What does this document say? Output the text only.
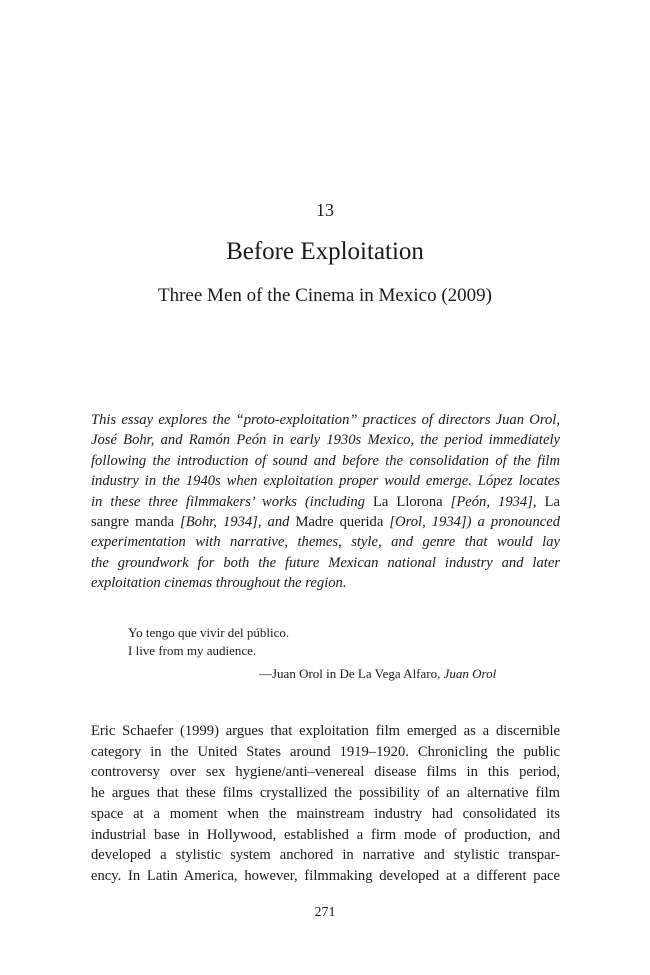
13
Before Exploitation
Three Men of the Cinema in Mexico (2009)
This essay explores the “proto-exploitation” practices of directors Juan Orol,
José Bohr, and Ramón Peón in early 1930s Mexico, the period immediately
following the introduction of sound and before the consolidation of the film
industry in the 1940s when exploitation proper would emerge. López locates
in these three filmmakers’ works (including La Llorona [Peón, 1934], La
sangre manda [Bohr, 1934], and Madre querida [Orol, 1934]) a pronounced
experimentation with narrative, themes, style, and genre that would lay
the groundwork for both the future Mexican national industry and later
exploitation cinemas throughout the region.
Yo tengo que vivir del público.
I live from my audience.
—Juan Orol in De La Vega Alfaro, Juan Orol
Eric Schaefer (1999) argues that exploitation film emerged as a discernible
category in the United States around 1919–1920. Chronicling the public
controversy over sex hygiene/anti–venereal disease films in this period,
he argues that these films crystallized the possibility of an alternative film
space at a moment when the mainstream industry had consolidated its
industrial base in Hollywood, established a firm mode of production, and
developed a stylistic system anchored in narrative and stylistic transpar-
ency. In Latin America, however, filmmaking developed at a different pace
271
